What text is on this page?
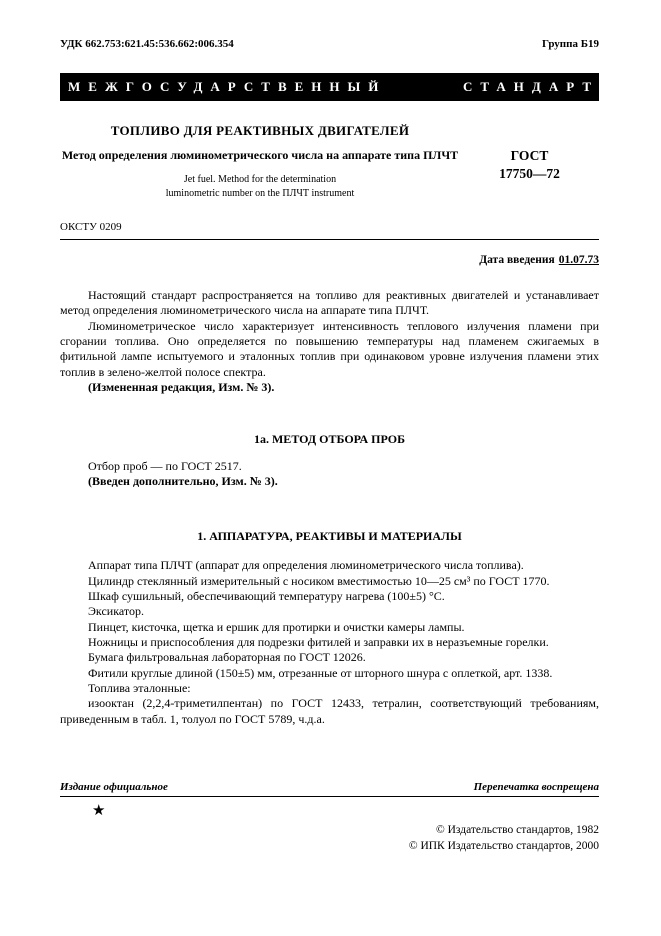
УДК 662.753:621.45:536.662:006.354	Группа Б19
МЕЖГОСУДАРСТВЕННЫЙ	СТАНДАРТ
ТОПЛИВО ДЛЯ РЕАКТИВНЫХ ДВИГАТЕЛЕЙ
Метод определения люминометрического числа на аппарате типа ПЛЧТ
Jet fuel. Method for the determination
luminometric number on the ПЛЧТ instrument
ГОСТ
17750—72
ОКСТУ 0209
Дата введения 01.07.73

Настоящий стандарт распространяется на топливо для реактивных двигателей и устанавливает метод определения люминометрического числа на аппарате типа ПЛЧТ.

Люминометрическое число характеризует интенсивность теплового излучения пламени при сгорании топлива. Оно определяется по повышению температуры над пламенем сжигаемых в фитильной лампе испытуемого и эталонных топлив при одинаковом уровне излучения пламени этих топлив в зелено-желтой полосе спектра.

(Измененная редакция, Изм. № 3).

1а. МЕТОД ОТБОРА ПРОБ

Отбор проб — по ГОСТ 2517.

(Введен дополнительно, Изм. № 3).

1. АППАРАТУРА, РЕАКТИВЫ И МАТЕРИАЛЫ

Аппарат типа ПЛЧТ (аппарат для определения люминометрического числа топлива).

Цилиндр стеклянный измерительный с носиком вместимостью 10—25 см³ по ГОСТ 1770.

Шкаф сушильный, обеспечивающий температуру нагрева (100±5) °С.

Эксикатор.

Пинцет, кисточка, щетка и ершик для протирки и очистки камеры лампы.

Ножницы и приспособления для подрезки фитилей и заправки их в неразъемные горелки.

Бумага фильтровальная лабораторная по ГОСТ 12026.

Фитили круглые длиной (150±5) мм, отрезанные от шторного шнура с оплеткой, арт. 1338.

Топлива эталонные:

изооктан (2,2,4-триметилпентан) по ГОСТ 12433, тетралин, соответствующий требованиям, приведенным в табл. 1, толуол по ГОСТ 5789, ч.д.а.

Издание официальное	Перепечатка воспрещена
★
© Издательство стандартов, 1982
© ИПК Издательство стандартов, 2000
